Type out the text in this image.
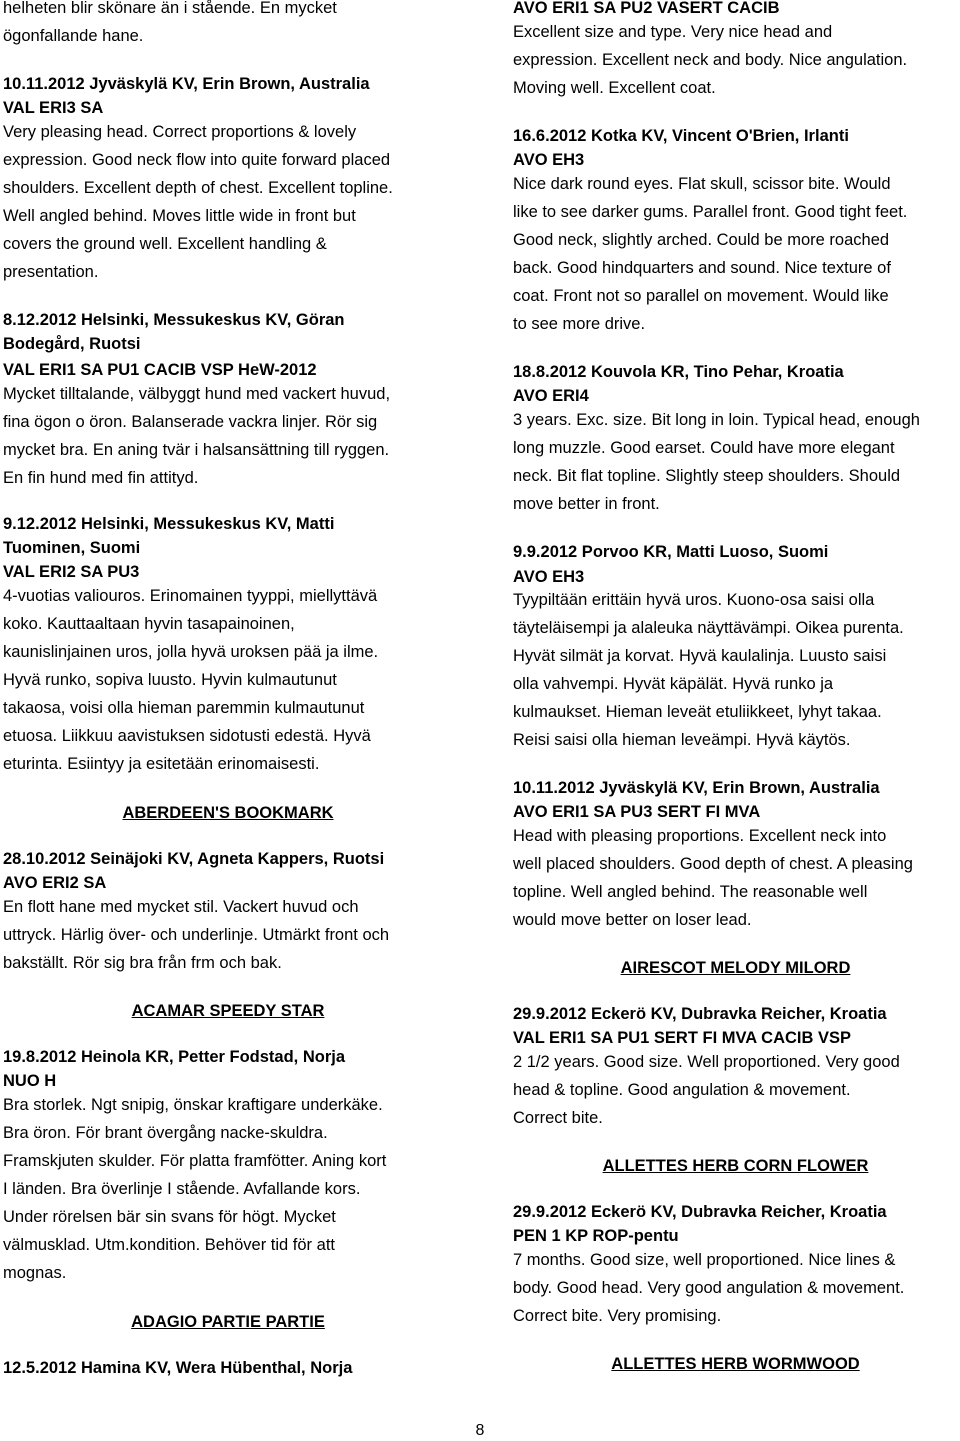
helheten blir skönare än i stående. En mycket
ögonfallande hane.
10.11.2012 Jyväskylä KV, Erin Brown, Australia
VAL ERI3 SA
Very pleasing head. Correct proportions & lovely
expression. Good neck flow into quite forward placed
shoulders. Excellent depth of chest. Excellent topline.
Well angled behind. Moves little wide in front but
covers the ground well. Excellent handling &
presentation.
8.12.2012 Helsinki, Messukeskus KV, Göran
Bodegård, Ruotsi
VAL ERI1 SA PU1 CACIB VSP HeW-2012
Mycket tilltalande, välbyggt hund med vackert huvud,
fina ögon o öron. Balanserade vackra linjer. Rör sig
mycket bra. En aning tvär i halsansättning till ryggen.
En fin hund med fin attityd.
9.12.2012 Helsinki, Messukeskus KV, Matti
Tuominen, Suomi
VAL ERI2 SA PU3
4-vuotias valiouros. Erinomainen tyyppi, miellyttävä
koko. Kauttaaltaan hyvin tasapainoinen,
kaunislinjainen uros, jolla hyvä uroksen pää ja ilme.
Hyvä runko, sopiva luusto. Hyvin kulmautunut
takaosa, voisi olla hieman paremmin kulmautunut
etuosa. Liikkuu aavistuksen sidotusti edestä. Hyvä
eturinta. Esiintyy ja esitetään erinomaisesti.
ABERDEEN'S BOOKMARK
28.10.2012 Seinäjoki KV, Agneta Kappers, Ruotsi
AVO ERI2 SA
En flott hane med mycket stil. Vackert huvud och
uttryck. Härlig över- och underlinje. Utmärkt front och
bakställt. Rör sig bra från frm och bak.
ACAMAR SPEEDY STAR
19.8.2012 Heinola KR, Petter Fodstad, Norja
NUO H
Bra storlek. Ngt snipig, önskar kraftigare underkäke.
Bra öron. För brant övergång nacke-skuldra.
Framskjuten skulder. För platta framfötter. Aning kort
I länden. Bra överlinje I stående. Avfallande kors.
Under rörelsen bär sin svans för högt. Mycket
välmusklad. Utm.kondition. Behöver tid för att
mognas.
ADAGIO PARTIE PARTIE
12.5.2012 Hamina KV, Wera Hübenthal, Norja
AVO ERI1 SA PU2 VASERT CACIB
Excellent size and type. Very nice head and
expression. Excellent neck and body. Nice angulation.
Moving well. Excellent coat.
16.6.2012 Kotka KV, Vincent O'Brien, Irlanti
AVO EH3
Nice dark round eyes. Flat skull, scissor bite. Would
like to see darker gums. Parallel front. Good tight feet.
Good neck, slightly arched. Could be more roached
back. Good hindquarters and sound. Nice texture of
coat. Front not so parallel on movement. Would like
to see more drive.
18.8.2012 Kouvola KR, Tino Pehar, Kroatia
AVO ERI4
3 years. Exc. size. Bit long in loin. Typical head, enough
long muzzle. Good earset. Could have more elegant
neck. Bit flat topline. Slightly steep shoulders. Should
move better in front.
9.9.2012 Porvoo KR, Matti Luoso, Suomi
AVO EH3
Tyypiltään erittäin hyvä uros. Kuono-osa saisi olla
täyteläisempi ja alaleuka näyttävämpi. Oikea purenta.
Hyvät silmät ja korvat. Hyvä kaulalinja. Luusto saisi
olla vahvempi. Hyvät käpälät. Hyvä runko ja
kulmaukset. Hieman leveät etuliikkeet, lyhyt takaa.
Reisi saisi olla hieman leveämpi. Hyvä käytös.
10.11.2012 Jyväskylä KV, Erin Brown, Australia
AVO ERI1 SA PU3 SERT FI MVA
Head with pleasing proportions. Excellent neck into
well placed shoulders. Good depth of chest. A pleasing
topline. Well angled behind. The reasonable well
would move better on loser lead.
AIRESCOT MELODY MILORD
29.9.2012 Eckerö KV, Dubravka Reicher, Kroatia
VAL ERI1 SA PU1 SERT FI MVA CACIB VSP
2 1/2 years. Good size. Well proportioned. Very good
head & topline. Good angulation & movement.
Correct bite.
ALLETTES HERB CORN FLOWER
29.9.2012 Eckerö KV, Dubravka Reicher, Kroatia
PEN 1 KP ROP-pentu
7 months. Good size, well proportioned. Nice lines &
body. Good head. Very good angulation & movement.
Correct bite. Very promising.
ALLETTES HERB WORMWOOD
8
